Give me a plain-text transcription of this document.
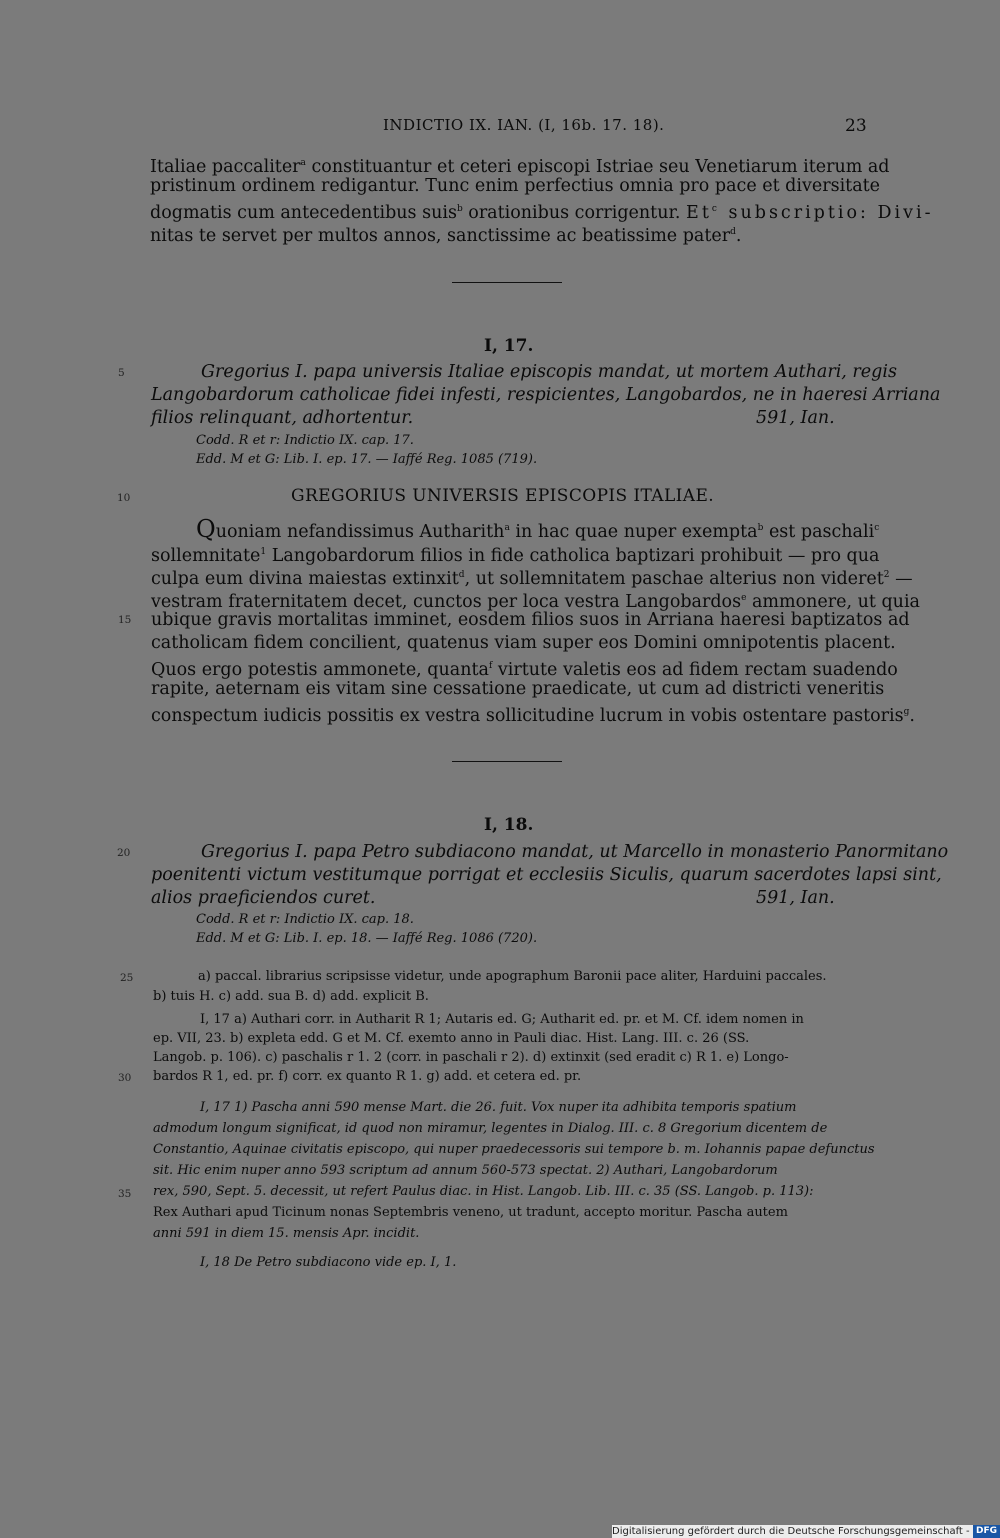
INDICTIO IX. IAN. (I, 16b. 17. 18).	23
Italiae paccaliter$^a$ constituantur et ceteri episcopi Istriae seu Venetiarum iterum ad
pristinum ordinem redigantur. Tunc enim perfectius omnia pro pace et diversitate
dogmatis cum antecedentibus suis$^b$ orationibus corrigentur. Et$^c$ subscriptio: Divi-
nitas te servet per multos annos, sanctissime ac beatissime pater$^d$.
I, 17.
5	Gregorius I. papa universis Italiae episcopis mandat, ut mortem Authari, regis
Langobardorum catholicae fidei infesti, respicientes, Langobardos, ne in haeresi Arriana
filios relinquant, adhortentur.	591, Ian.
Codd. R et r: Indictio IX. cap. 17.
Edd. M et G: Lib. I. ep. 17. — Iaffé Reg. 1085 (719).
10	GREGORIUS UNIVERSIS EPISCOPIS ITALIAE.
Quoniam nefandissimus Autharith$^a$ in hac quae nuper exempta$^b$ est paschali$^c$
sollemnitate$^1$ Langobardorum filios in fide catholica baptizari prohibuit — pro qua
culpa eum divina maiestas extinxit$^d$, ut sollemnitatem paschae alterius non videret$^2$ —
vestram fraternitatem decet, cunctos per loca vestra Langobardos$^e$ ammonere, ut quia
15 ubique gravis mortalitas imminet, eosdem filios suos in Arriana haeresi baptizatos ad
catholicam fidem concilient, quatenus viam super eos Domini omnipotentis placent.
Quos ergo potestis ammonete, quanta$^f$ virtute valetis eos ad fidem rectam suadendo
rapite, aeternam eis vitam sine cessatione praedicate, ut cum ad districti veneritis
conspectum iudicis possitis ex vestra sollicitudine lucrum in vobis ostentare pastoris$^g$.
I, 18.
20	Gregorius I. papa Petro subdiacono mandat, ut Marcello in monasterio Panormitano
poenitenti victum vestitumque porrigat et ecclesiis Siculis, quarum sacerdotes lapsi sint,
alios praeficiendos curet.	591, Ian.
Codd. R et r: Indictio IX. cap. 18.
Edd. M et G: Lib. I. ep. 18. — Iaffé Reg. 1086 (720).
25	a) paccal. librarius scripsisse videtur, unde apographum Baronii pace aliter, Harduini paccales.
b) tuis H. c) add. sua B. d) add. explicit B.
I, 17 a) Authari corr. in Autharit R 1; Autaris ed. G; Autharit ed. pr. et M. Cf. idem nomen in
ep. VII, 23. b) expleta edd. G et M. Cf. exemto anno in Pauli diac. Hist. Lang. III. c. 26 (SS.
Langob. p. 106). c) paschalis r 1. 2 (corr. in paschali r 2). d) extinxit (sed eradit c) R 1. e) Longo-
30 bardos R 1, ed. pr. f) corr. ex quanto R 1. g) add. et cetera ed. pr.
I, 17 1) Pascha anni 590 mense Mart. die 26. fuit. Vox nuper ita adhibita temporis spatium
admodum longum significat, id quod non miramur, legentes in Dialog. III. c. 8 Gregorium dicentem de
Constantio, Aquinae civitatis episcopo, qui nuper praedecessoris sui tempore b. m. Iohannis papae defunctus
sit. Hic enim nuper anno 593 scriptum ad annum 560-573 spectat. 2) Authari, Langobardorum
35 rex, 590, Sept. 5. decessit, ut refert Paulus diac. in Hist. Langob. Lib. III. c. 35 (SS. Langob. p. 113):
Rex Authari apud Ticinum nonas Septembris veneno, ut tradunt, accepto moritur. Pascha autem
anni 591 in diem 15. mensis Apr. incidit.
I, 18 De Petro subdiacono vide ep. I, 1.
Digitalisierung gefördert durch die Deutsche Forschungsgemeinschaft - DFG
